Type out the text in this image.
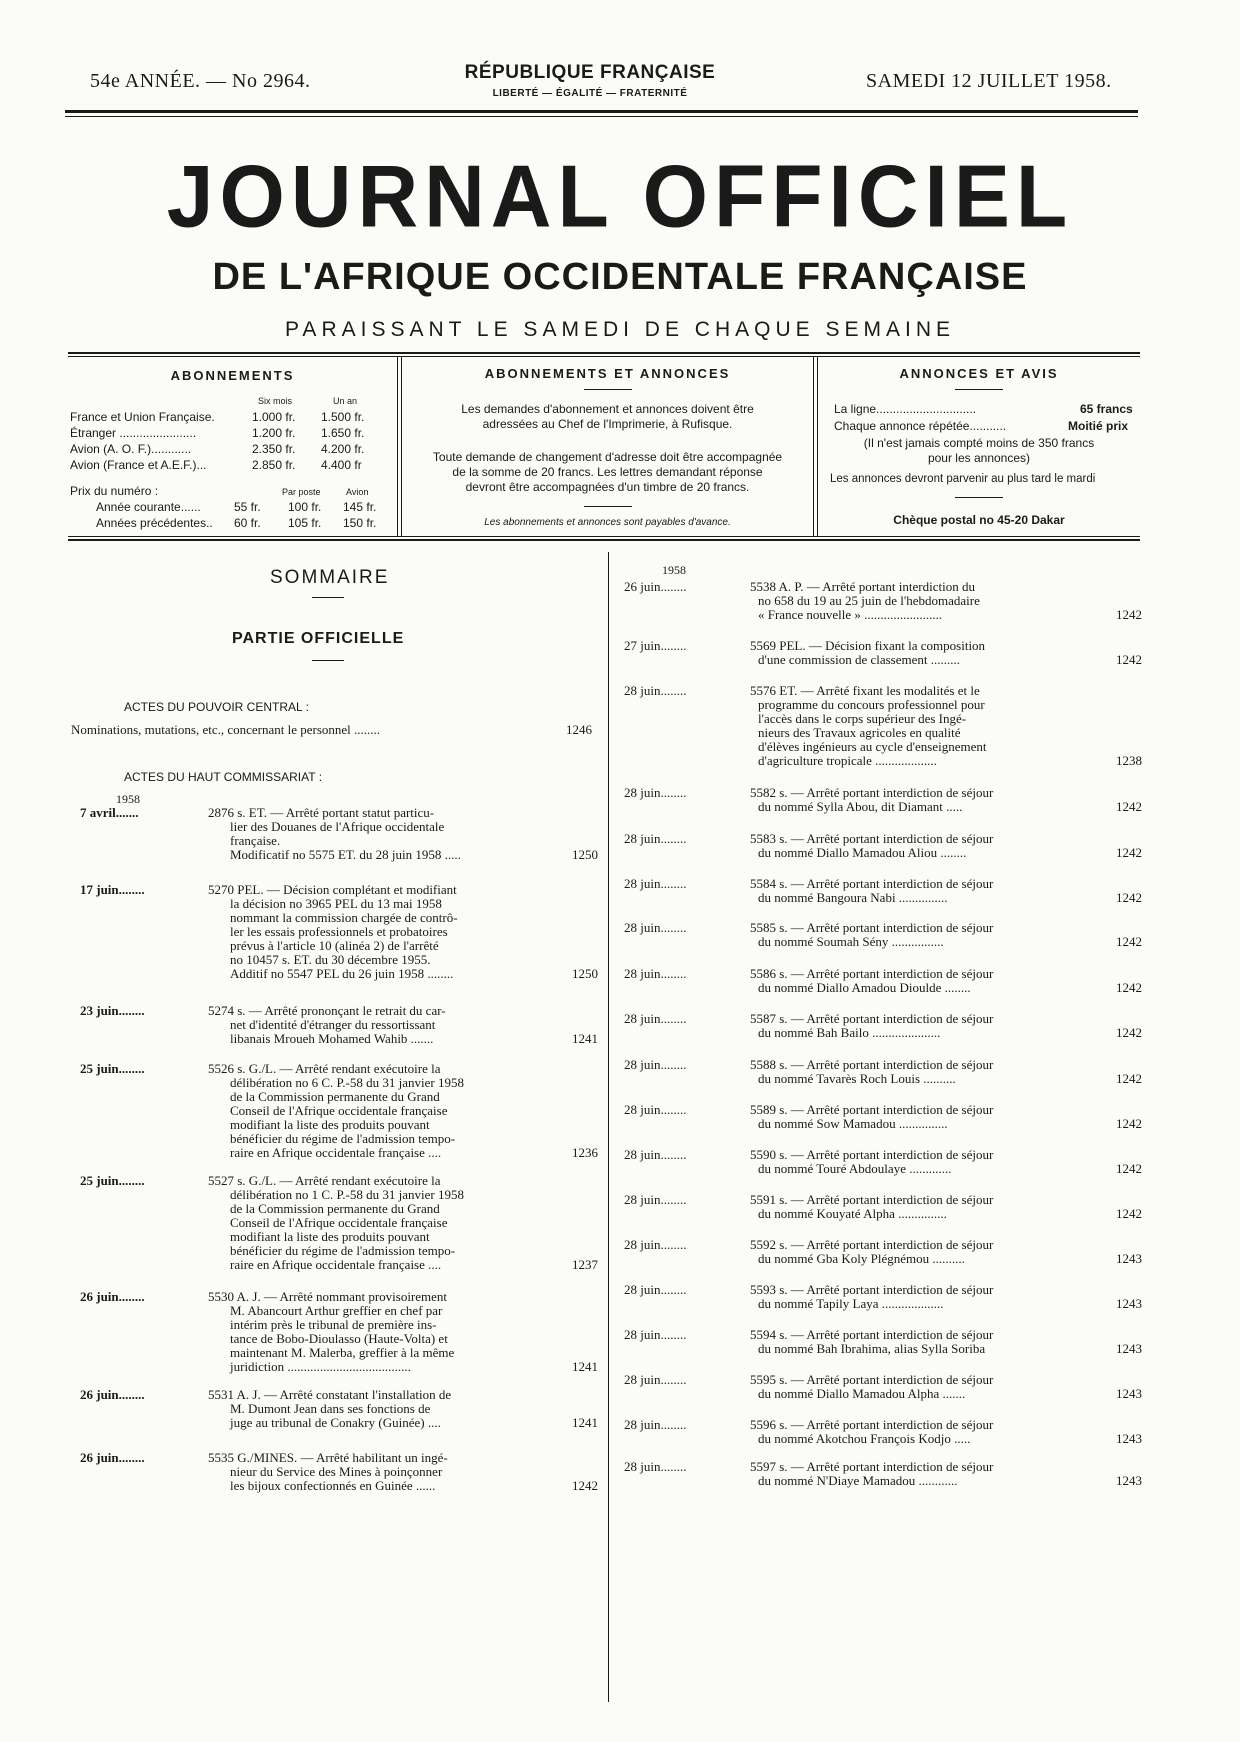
54e ANNÉE. — No 2964.	RÉPUBLIQUE FRANÇAISE
LIBERTÉ — ÉGALITÉ — FRATERNITÉ
SAMEDI 12 JUILLET 1958.
JOURNAL OFFICIEL
DE L'AFRIQUE OCCIDENTALE FRANÇAISE
PARAISSANT LE SAMEDI DE CHAQUE SEMAINE
ABONNEMENTS
Six mois	Un an
France et Union Française.	1.000 fr. 1.500 fr.
Étranger .......................	1.200 fr. 1.650 fr.
Avion (A. O. F.)............	2.350 fr. 4.200 fr.
Avion (France et A.E.F.)...	2.850 fr. 4.400 fr
Prix du numéro :	Par poste	Avion
Année courante......	55 fr. 100 fr. 145 fr.
Années précédentes.. 60 fr. 105 fr. 150 fr.
ABONNEMENTS ET ANNONCES
Les demandes d'abonnement et annonces doivent être
adressées au Chef de l'Imprimerie, à Rufisque.
Toute demande de changement d'adresse doit être accompagnée
de la somme de 20 francs. Les lettres demandant réponse
devront être accompagnées d'un timbre de 20 francs.
Les abonnements et annonces sont payables d'avance.
ANNONCES ET AVIS
La ligne..............................	65 francs
Chaque annonce répétée...........	Moitié prix
(Il n'est jamais compté moins de 350 francs
pour les annonces)
Les annonces devront parvenir au plus tard le mardi
Chèque postal no 45-20 Dakar
SOMMAIRE
PARTIE OFFICIELLE
ACTES DU POUVOIR CENTRAL :
Nominations, mutations, etc., concernant le personnel ........	1246
ACTES DU HAUT COMMISSARIAT :
1958
7 avril.......	2876 s. ET. — Arrêté portant statut particu-
lier des Douanes de l'Afrique occidentale
française.
Modificatif no 5575 ET. du 28 juin 1958 .....	1250
17 juin........	5270 PEL. — Décision complétant et modifiant
la décision no 3965 PEL du 13 mai 1958
nommant la commission chargée de contrô-
ler les essais professionnels et probatoires
prévus à l'article 10 (alinéa 2) de l'arrêté
no 10457 s. ET. du 30 décembre 1955.
Additif no 5547 PEL du 26 juin 1958 ........	1250
23 juin........	5274 s. — Arrêté prononçant le retrait du car-
net d'identité d'étranger du ressortissant
libanais Mroueh Mohamed Wahib .......	1241
25 juin........	5526 s. G./L. — Arrêté rendant exécutoire la
délibération no 6 C. P.-58 du 31 janvier 1958
de la Commission permanente du Grand
Conseil de l'Afrique occidentale française
modifiant la liste des produits pouvant
bénéficier du régime de l'admission tempo-
raire en Afrique occidentale française ....	1236
25 juin........	5527 s. G./L. — Arrêté rendant exécutoire la
délibération no 1 C. P.-58 du 31 janvier 1958
de la Commission permanente du Grand
Conseil de l'Afrique occidentale française
modifiant la liste des produits pouvant
bénéficier du régime de l'admission tempo-
raire en Afrique occidentale française ....	1237
26 juin........	5530 A. J. — Arrêté nommant provisoirement
M. Abancourt Arthur greffier en chef par
intérim près le tribunal de première ins-
tance de Bobo-Dioulasso (Haute-Volta) et
maintenant M. Malerba, greffier à la même
juridiction ......................................	1241
26 juin........	5531 A. J. — Arrêté constatant l'installation de
M. Dumont Jean dans ses fonctions de
juge au tribunal de Conakry (Guinée) ....	1241
26 juin........	5535 G./MINES. — Arrêté habilitant un ingé-
nieur du Service des Mines à poinçonner
les bijoux confectionnés en Guinée ......	1242
1958
26 juin........	5538 A. P. — Arrêté portant interdiction du
no 658 du 19 au 25 juin de l'hebdomadaire
« France nouvelle » ........................	1242
27 juin........	5569 PEL. — Décision fixant la composition
d'une commission de classement .........	1242
28 juin........	5576 ET. — Arrêté fixant les modalités et le
programme du concours professionnel pour
l'accès dans le corps supérieur des Ingé-
nieurs des Travaux agricoles en qualité
d'élèves ingénieurs au cycle d'enseignement
d'agriculture tropicale ...................	1238
28 juin........	5582 s. — Arrêté portant interdiction de séjour
du nommé Sylla Abou, dit Diamant .....	1242
28 juin........	5583 s. — Arrêté portant interdiction de séjour
du nommé Diallo Mamadou Aliou ........	1242
28 juin........	5584 s. — Arrêté portant interdiction de séjour
du nommé Bangoura Nabi ...............	1242
28 juin........	5585 s. — Arrêté portant interdiction de séjour
du nommé Soumah Sény ................	1242
28 juin........	5586 s. — Arrêté portant interdiction de séjour
du nommé Diallo Amadou Dioulde ........	1242
28 juin........	5587 s. — Arrêté portant interdiction de séjour
du nommé Bah Bailo .....................	1242
28 juin........	5588 s. — Arrêté portant interdiction de séjour
du nommé Tavarès Roch Louis ..........	1242
28 juin........	5589 s. — Arrêté portant interdiction de séjour
du nommé Sow Mamadou ...............	1242
28 juin........	5590 s. — Arrêté portant interdiction de séjour
du nommé Touré Abdoulaye .............	1242
28 juin........	5591 s. — Arrêté portant interdiction de séjour
du nommé Kouyaté Alpha ...............	1242
28 juin........	5592 s. — Arrêté portant interdiction de séjour
du nommé Gba Koly Plégnémou ..........	1243
28 juin........	5593 s. — Arrêté portant interdiction de séjour
du nommé Tapily Laya ...................	1243
28 juin........	5594 s. — Arrêté portant interdiction de séjour
du nommé Bah Ibrahima, alias Sylla Soriba	1243
28 juin........	5595 s. — Arrêté portant interdiction de séjour
du nommé Diallo Mamadou Alpha .......	1243
28 juin........	5596 s. — Arrêté portant interdiction de séjour
du nommé Akotchou François Kodjo .....	1243
28 juin........	5597 s. — Arrêté portant interdiction de séjour
du nommé N'Diaye Mamadou ............	1243
